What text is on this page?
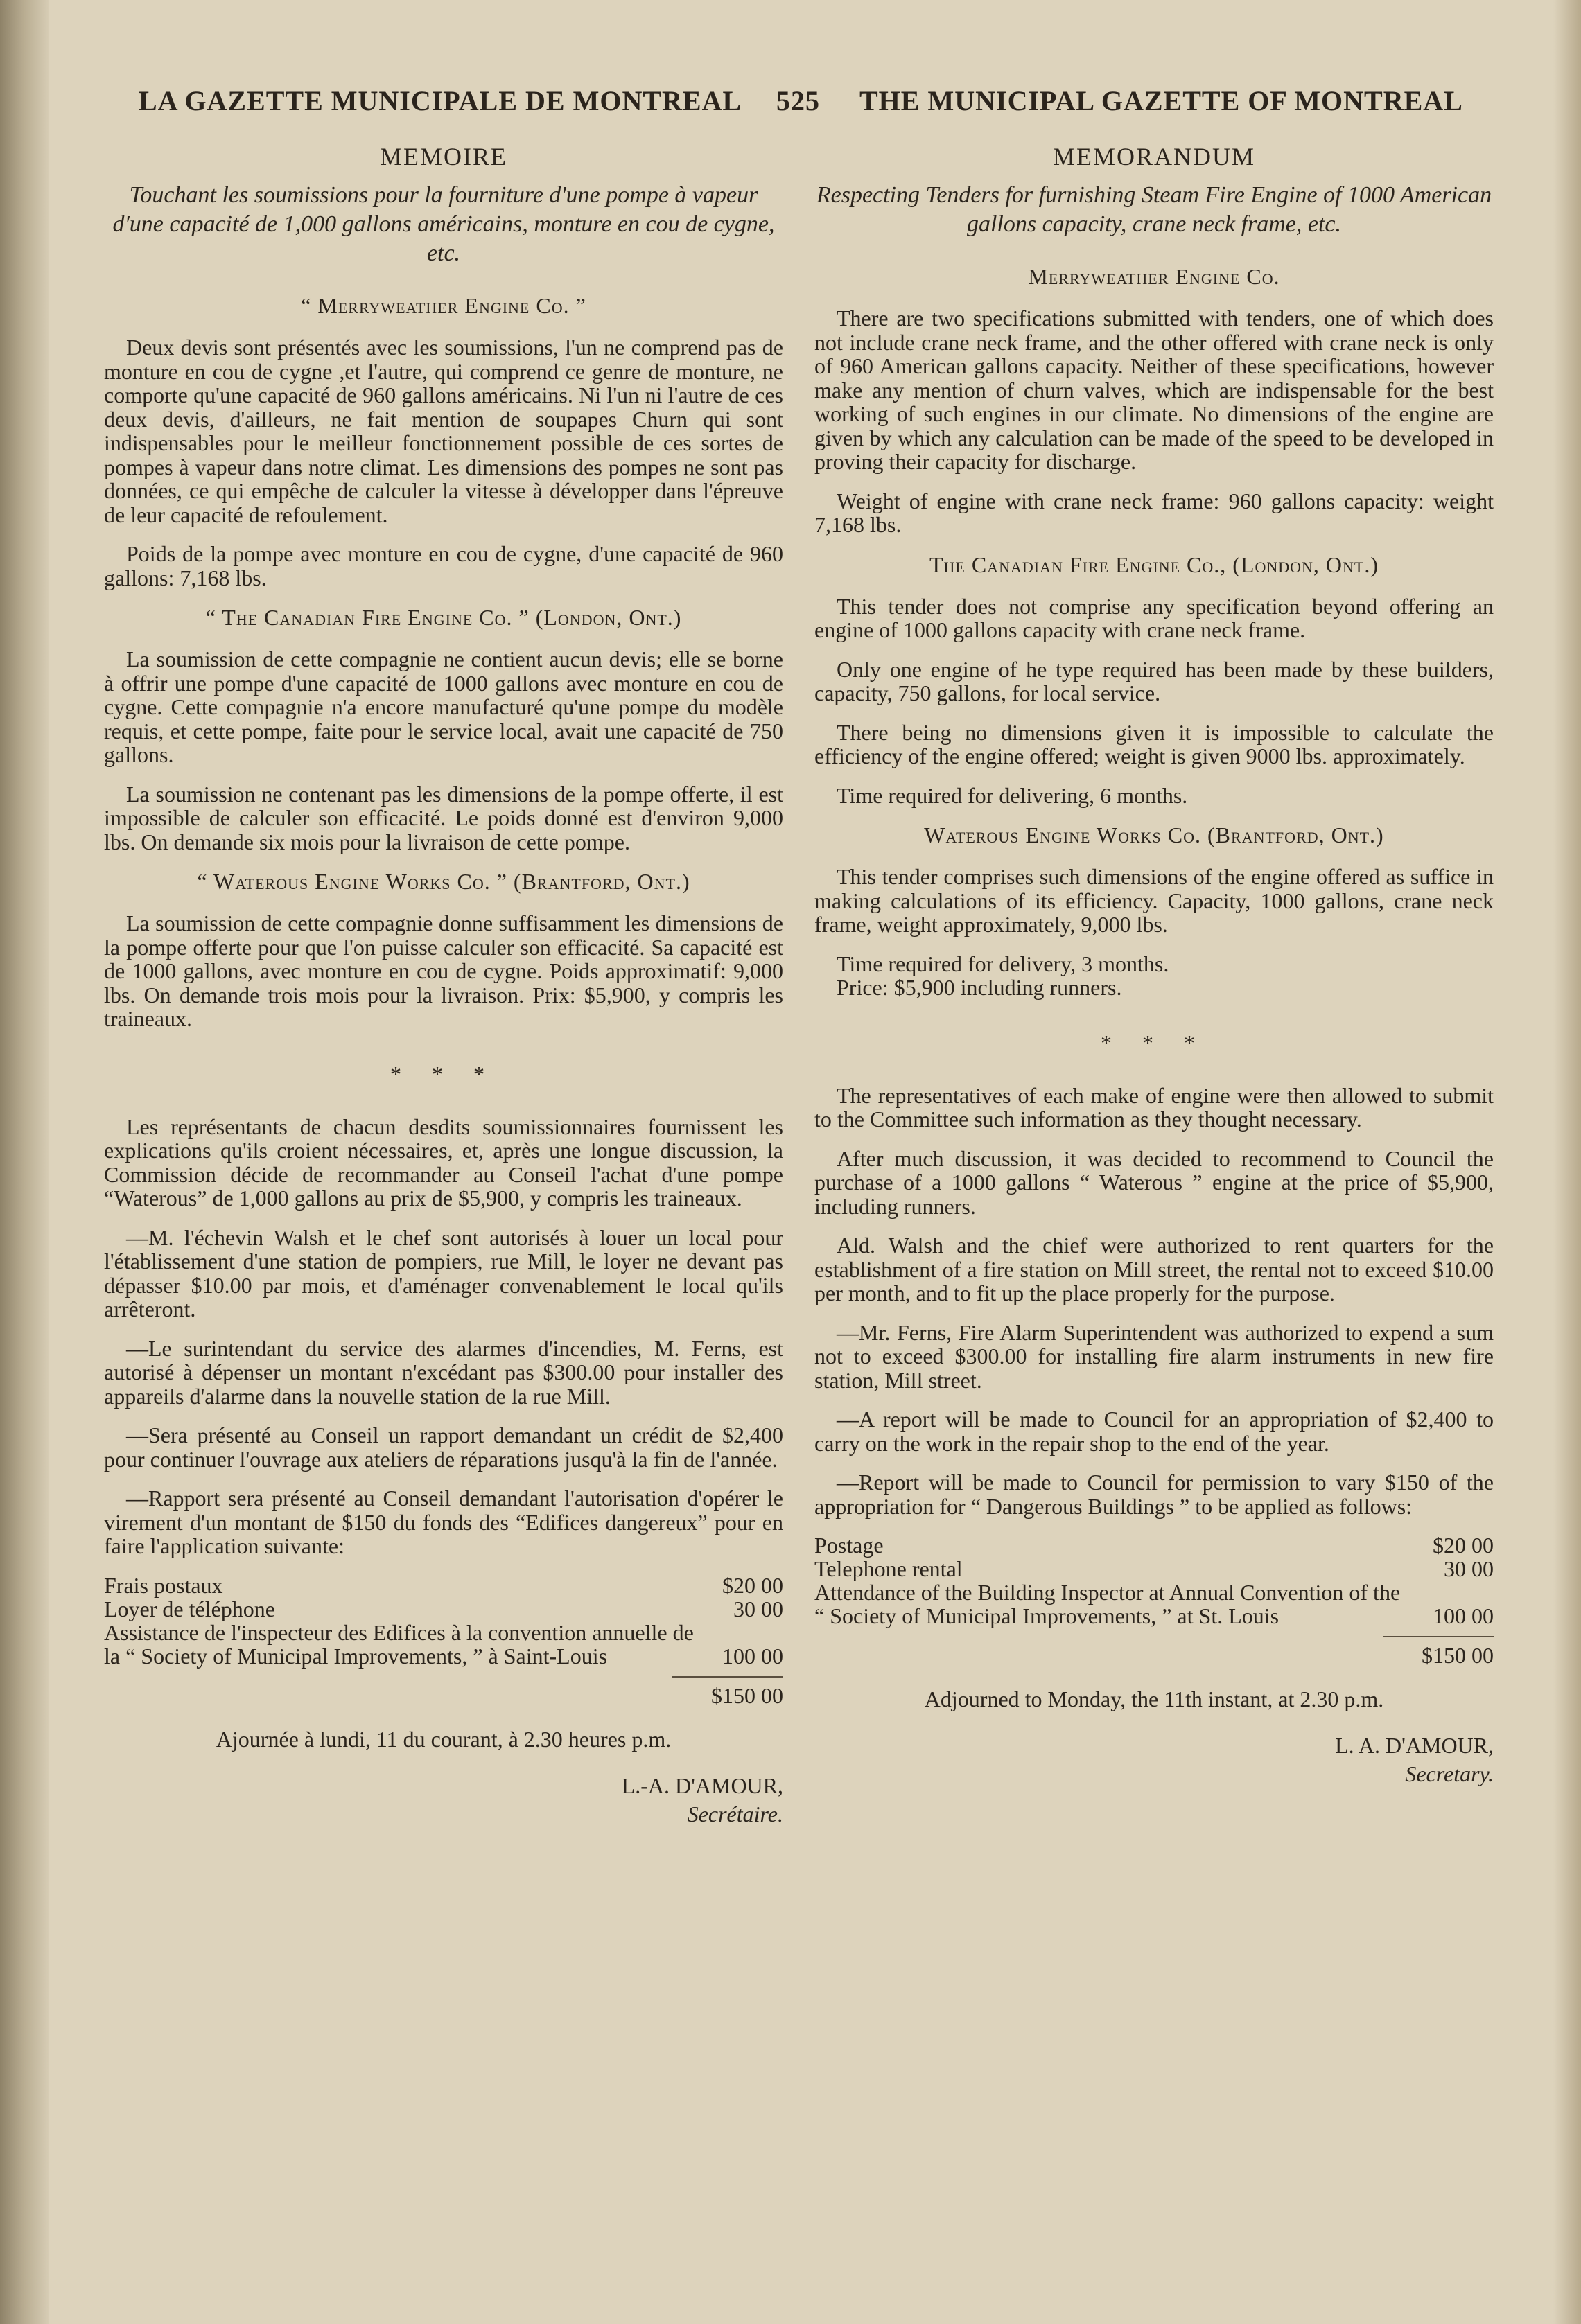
LA GAZETTE MUNICIPALE DE MONTREAL 525 THE MUNICIPAL GAZETTE OF MONTREAL
MEMOIRE
Touchant les soumissions pour la fourniture d'une pompe à vapeur d'une capacité de 1,000 gallons américains, monture en cou de cygne, etc.
“ Merryweather Engine Co. ”

Deux devis sont présentés avec les soumissions, l'un ne comprend pas de monture en cou de cygne ,et l'autre, qui comprend ce genre de monture, ne comporte qu'une capacité de 960 gallons américains. Ni l'un ni l'autre de ces deux devis, d'ailleurs, ne fait mention de soupapes Churn qui sont indispensables pour le meilleur fonctionnement possible de ces sortes de pompes à vapeur dans notre climat. Les dimensions des pompes ne sont pas données, ce qui empêche de calculer la vitesse à développer dans l'épreuve de leur capacité de refoulement.

Poids de la pompe avec monture en cou de cygne, d'une capacité de 960 gallons: 7,168 lbs.

“ The Canadian Fire Engine Co. ” (London, Ont.)

La soumission de cette compagnie ne contient aucun devis; elle se borne à offrir une pompe d'une capacité de 1000 gallons avec monture en cou de cygne. Cette compagnie n'a encore manufacturé qu'une pompe du modèle requis, et cette pompe, faite pour le service local, avait une capacité de 750 gallons.

La soumission ne contenant pas les dimensions de la pompe offerte, il est impossible de calculer son efficacité. Le poids donné est d'environ 9,000 lbs. On demande six mois pour la livraison de cette pompe.

“ Waterous Engine Works Co. ” (Brantford, Ont.)

La soumission de cette compagnie donne suffisamment les dimensions de la pompe offerte pour que l'on puisse calculer son efficacité. Sa capacité est de 1000 gallons, avec monture en cou de cygne. Poids approximatif: 9,000 lbs. On demande trois mois pour la livraison. Prix: $5,900, y compris les traineaux.

* * *

Les représentants de chacun desdits soumissionnaires fournissent les explications qu'ils croient nécessaires, et, après une longue discussion, la Commission décide de recommander au Conseil l'achat d'une pompe “Waterous” de 1,000 gallons au prix de $5,900, y compris les traineaux.

—M. l'échevin Walsh et le chef sont autorisés à louer un local pour l'établissement d'une station de pompiers, rue Mill, le loyer ne devant pas dépasser $10.00 par mois, et d'aménager convenablement le local qu'ils arrêteront.

—Le surintendant du service des alarmes d'incendies, M. Ferns, est autorisé à dépenser un montant n'excédant pas $300.00 pour installer des appareils d'alarme dans la nouvelle station de la rue Mill.

—Sera présenté au Conseil un rapport demandant un crédit de $2,400 pour continuer l'ouvrage aux ateliers de réparations jusqu'à la fin de l'année.

—Rapport sera présenté au Conseil demandant l'autorisation d'opérer le virement d'un montant de $150 du fonds des “Edifices dangereux” pour en faire l'application suivante:

Frais postaux	$20 00
Loyer de téléphone	30 00
Assistance de l'inspecteur des Edifices à la convention annuelle de la “ Society of Municipal Improvements, ” à Saint-Louis	100 00
$150 00
Ajournée à lundi, 11 du courant, à 2.30 heures p.m.

L.-A. D'AMOUR,

Secrétaire.

MEMORANDUM
Respecting Tenders for furnishing Steam Fire Engine of 1000 American gallons capacity, crane neck frame, etc.
Merryweather Engine Co.

There are two specifications submitted with tenders, one of which does not include crane neck frame, and the other offered with crane neck is only of 960 American gallons capacity. Neither of these specifications, however make any mention of churn valves, which are indispensable for the best working of such engines in our climate. No dimensions of the engine are given by which any calculation can be made of the speed to be developed in proving their capacity for discharge.

Weight of engine with crane neck frame: 960 gallons capacity: weight 7,168 lbs.

The Canadian Fire Engine Co., (London, Ont.)

This tender does not comprise any specification beyond offering an engine of 1000 gallons capacity with crane neck frame.

Only one engine of he type required has been made by these builders, capacity, 750 gallons, for local service.

There being no dimensions given it is impossible to calculate the efficiency of the engine offered; weight is given 9000 lbs. approximately.

Time required for delivering, 6 months.

Waterous Engine Works Co. (Brantford, Ont.)

This tender comprises such dimensions of the engine offered as suffice in making calculations of its efficiency. Capacity, 1000 gallons, crane neck frame, weight approximately, 9,000 lbs.

Time required for delivery, 3 months.

Price: $5,900 including runners.

* * *

The representatives of each make of engine were then allowed to submit to the Committee such information as they thought necessary.

After much discussion, it was decided to recommend to Council the purchase of a 1000 gallons “ Waterous ” engine at the price of $5,900, including runners.

Ald. Walsh and the chief were authorized to rent quarters for the establishment of a fire station on Mill street, the rental not to exceed $10.00 per month, and to fit up the place properly for the purpose.

—Mr. Ferns, Fire Alarm Superintendent was authorized to expend a sum not to exceed $300.00 for installing fire alarm instruments in new fire station, Mill street.

—A report will be made to Council for an appropriation of $2,400 to carry on the work in the repair shop to the end of the year.

—Report will be made to Council for permission to vary $150 of the appropriation for “ Dangerous Buildings ” to be applied as follows:

Postage	$20 00
Telephone rental	30 00
Attendance of the Building Inspector at Annual Convention of the “ Society of Municipal Improvements, ” at St. Louis	100 00
$150 00
Adjourned to Monday, the 11th instant, at 2.30 p.m.

L. A. D'AMOUR,

Secretary.
